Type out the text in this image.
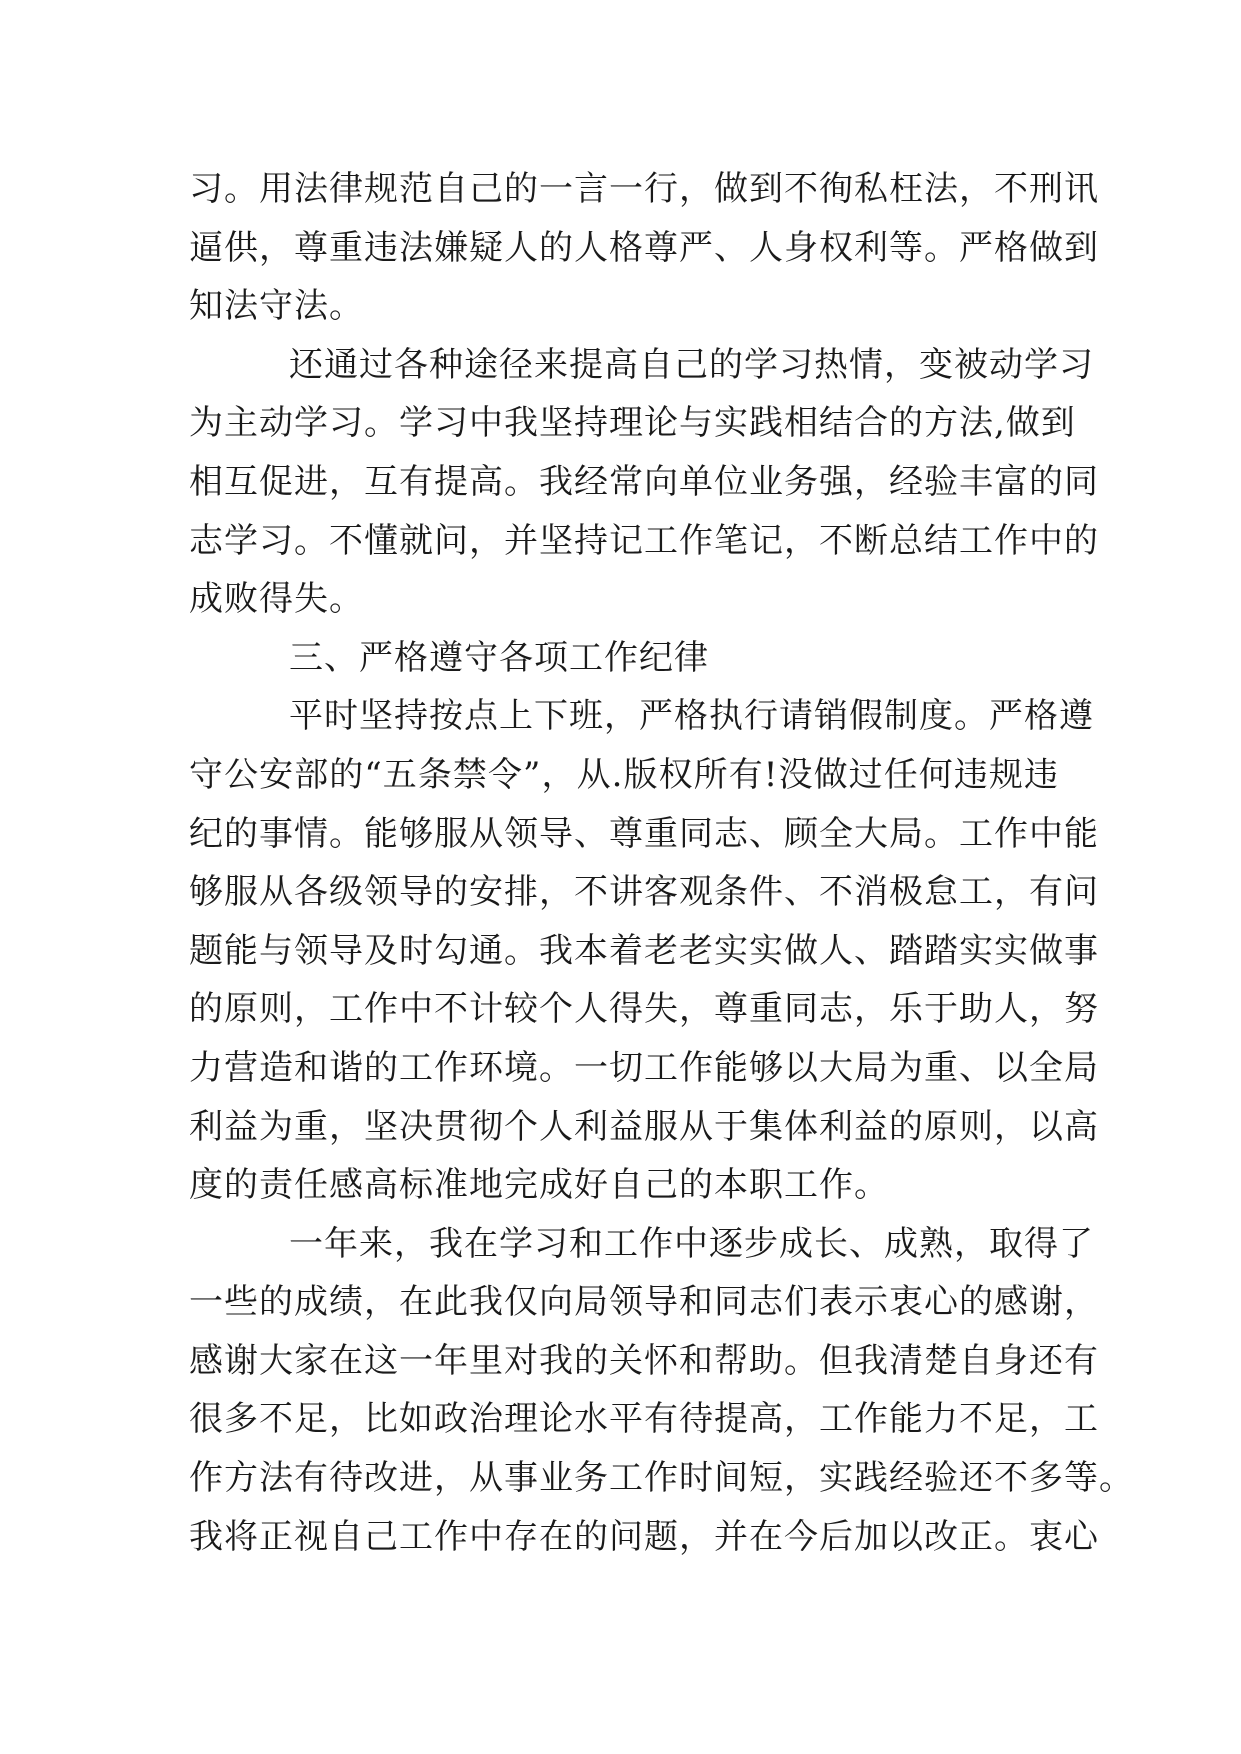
习。用法律规范自己的一言一行，做到不徇私枉法，不刑讯
逼供，尊重违法嫌疑人的人格尊严、人身权利等。严格做到
知法守法。
还通过各种途径来提高自己的学习热情，变被动学习
为主动学习。学习中我坚持理论与实践相结合的方法,做到
相互促进，互有提高。我经常向单位业务强，经验丰富的同
志学习。不懂就问，并坚持记工作笔记，不断总结工作中的
成败得失。
三、严格遵守各项工作纪律
平时坚持按点上下班，严格执行请销假制度。严格遵
守公安部的“五条禁令”，从.版权所有!没做过任何违规违
纪的事情。能够服从领导、尊重同志、顾全大局。工作中能
够服从各级领导的安排，不讲客观条件、不消极怠工，有问
题能与领导及时勾通。我本着老老实实做人、踏踏实实做事
的原则，工作中不计较个人得失，尊重同志，乐于助人，努
力营造和谐的工作环境。一切工作能够以大局为重、以全局
利益为重，坚决贯彻个人利益服从于集体利益的原则，以高
度的责任感高标准地完成好自己的本职工作。
一年来，我在学习和工作中逐步成长、成熟，取得了
一些的成绩，在此我仅向局领导和同志们表示衷心的感谢，
感谢大家在这一年里对我的关怀和帮助。但我清楚自身还有
很多不足，比如政治理论水平有待提高，工作能力不足，工
作方法有待改进，从事业务工作时间短，实践经验还不多等。
我将正视自己工作中存在的问题，并在今后加以改正。衷心
